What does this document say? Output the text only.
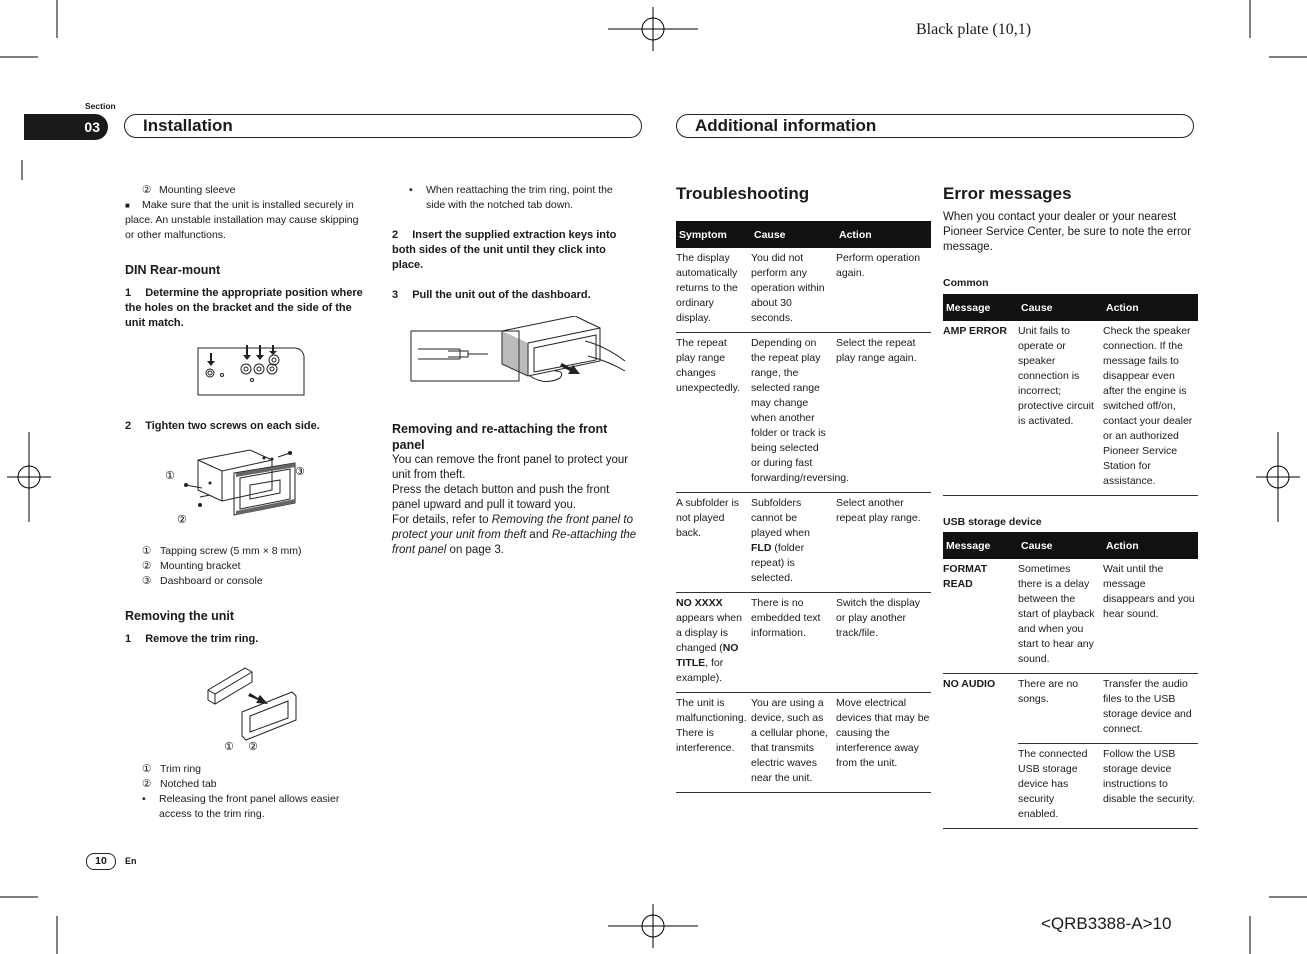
Black plate (10,1)
<QRB3388-A>10
Section
03	Installation	Additional information
10	En
② Mounting sleeve
■	Make sure that the unit is installed securely in place. An unstable installation may cause skipping or other malfunctions.
DIN Rear-mount
1 Determine the appropriate position where the holes on the bracket and the side of the unit match.
2 Tighten two screws on each side.
①
②
③
① Tapping screw (5 mm × 8 mm)
② Mounting bracket
③ Dashboard or console
Removing the unit
1 Remove the trim ring.
① ②
① Trim ring
② Notched tab
•	Releasing the front panel allows easier access to the trim ring.
•	When reattaching the trim ring, point the side with the notched tab down.
2 Insert the supplied extraction keys into both sides of the unit until they click into place.
3 Pull the unit out of the dashboard.
Removing and re-attaching the front panel
You can remove the front panel to protect your unit from theft.
Press the detach button and push the front panel upward and pull it toward you.
For details, refer to Removing the front panel to protect your unit from theft and Re-attaching the front panel on page 3.
Troubleshooting
Symptom	Cause	Action
The display automatically returns to the ordinary display.	You did not perform any operation within about 30 seconds.	Perform operation again.
The repeat play range changes unexpectedly.	Depending on the repeat play range, the selected range may change when another folder or track is being selected or during fast forwarding/reversing.	Select the repeat play range again.
A subfolder is not played back.	Subfolders cannot be played when FLD (folder repeat) is selected.	Select another repeat play range.
NO XXXX appears when a display is changed (NO TITLE, for example).	There is no embedded text information.	Switch the display or play another track/file.

The unit is malfunctioning.
There is interference.	You are using a device, such as a cellular phone, that transmits electric waves near the unit.	Move electrical devices that may be causing the interference away from the unit.
Error messages
When you contact your dealer or your nearest Pioneer Service Center, be sure to note the error message.
Common
Message	Cause	Action
AMP ERROR	Unit fails to operate or speaker connection is incorrect; protective circuit is activated.	Check the speaker connection. If the message fails to disappear even after the engine is switched off/on, contact your dealer or an authorized Pioneer Service Station for assistance.
USB storage device
Message	Cause	Action
FORMAT READ	Sometimes there is a delay between the start of playback and when you start to hear any sound.	Wait until the message disappears and you hear sound.
NO AUDIO	There are no songs.	Transfer the audio files to the USB storage device and connect.
	The connected USB storage device has security enabled.	Follow the USB storage device instructions to disable the security.
